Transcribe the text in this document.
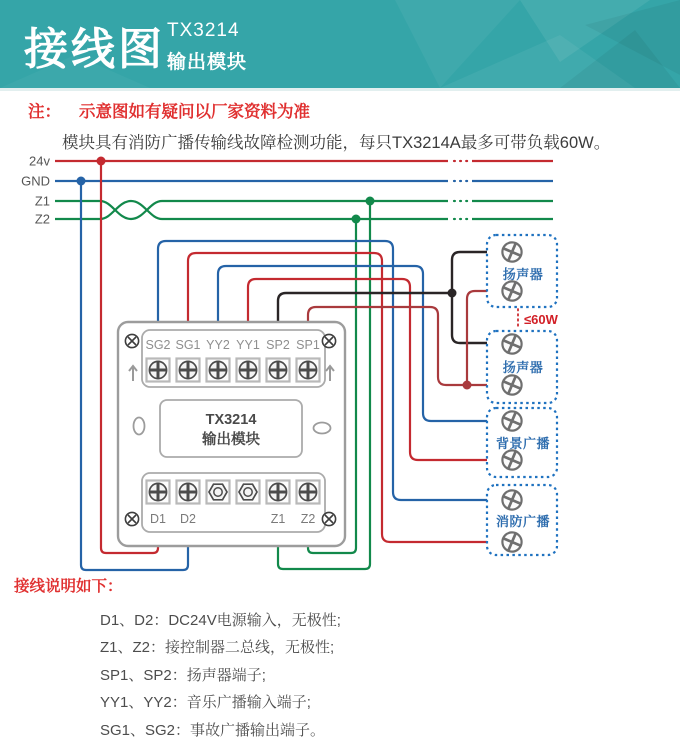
接线图 TX3214
输出模块
注： 示意图如有疑问以厂家资料为准
模块具有消防广播传输线故障检测功能，每只TX3214A最多可带负载60W。
24v
GND
Z1
Z2
SG2 SG1 YY2 YY1 SP2 SP1
TX3214
输出模块
D1 D2	Z1 Z2
扬声器
≤60W
扬声器
背景广播
消防广播
接线说明如下：
D1、D2：DC24V电源输入，无极性;
Z1、Z2：接控制器二总线，无极性;
SP1、SP2：扬声器端子;
YY1、YY2：音乐广播输入端子;
SG1、SG2：事故广播输出端子。
